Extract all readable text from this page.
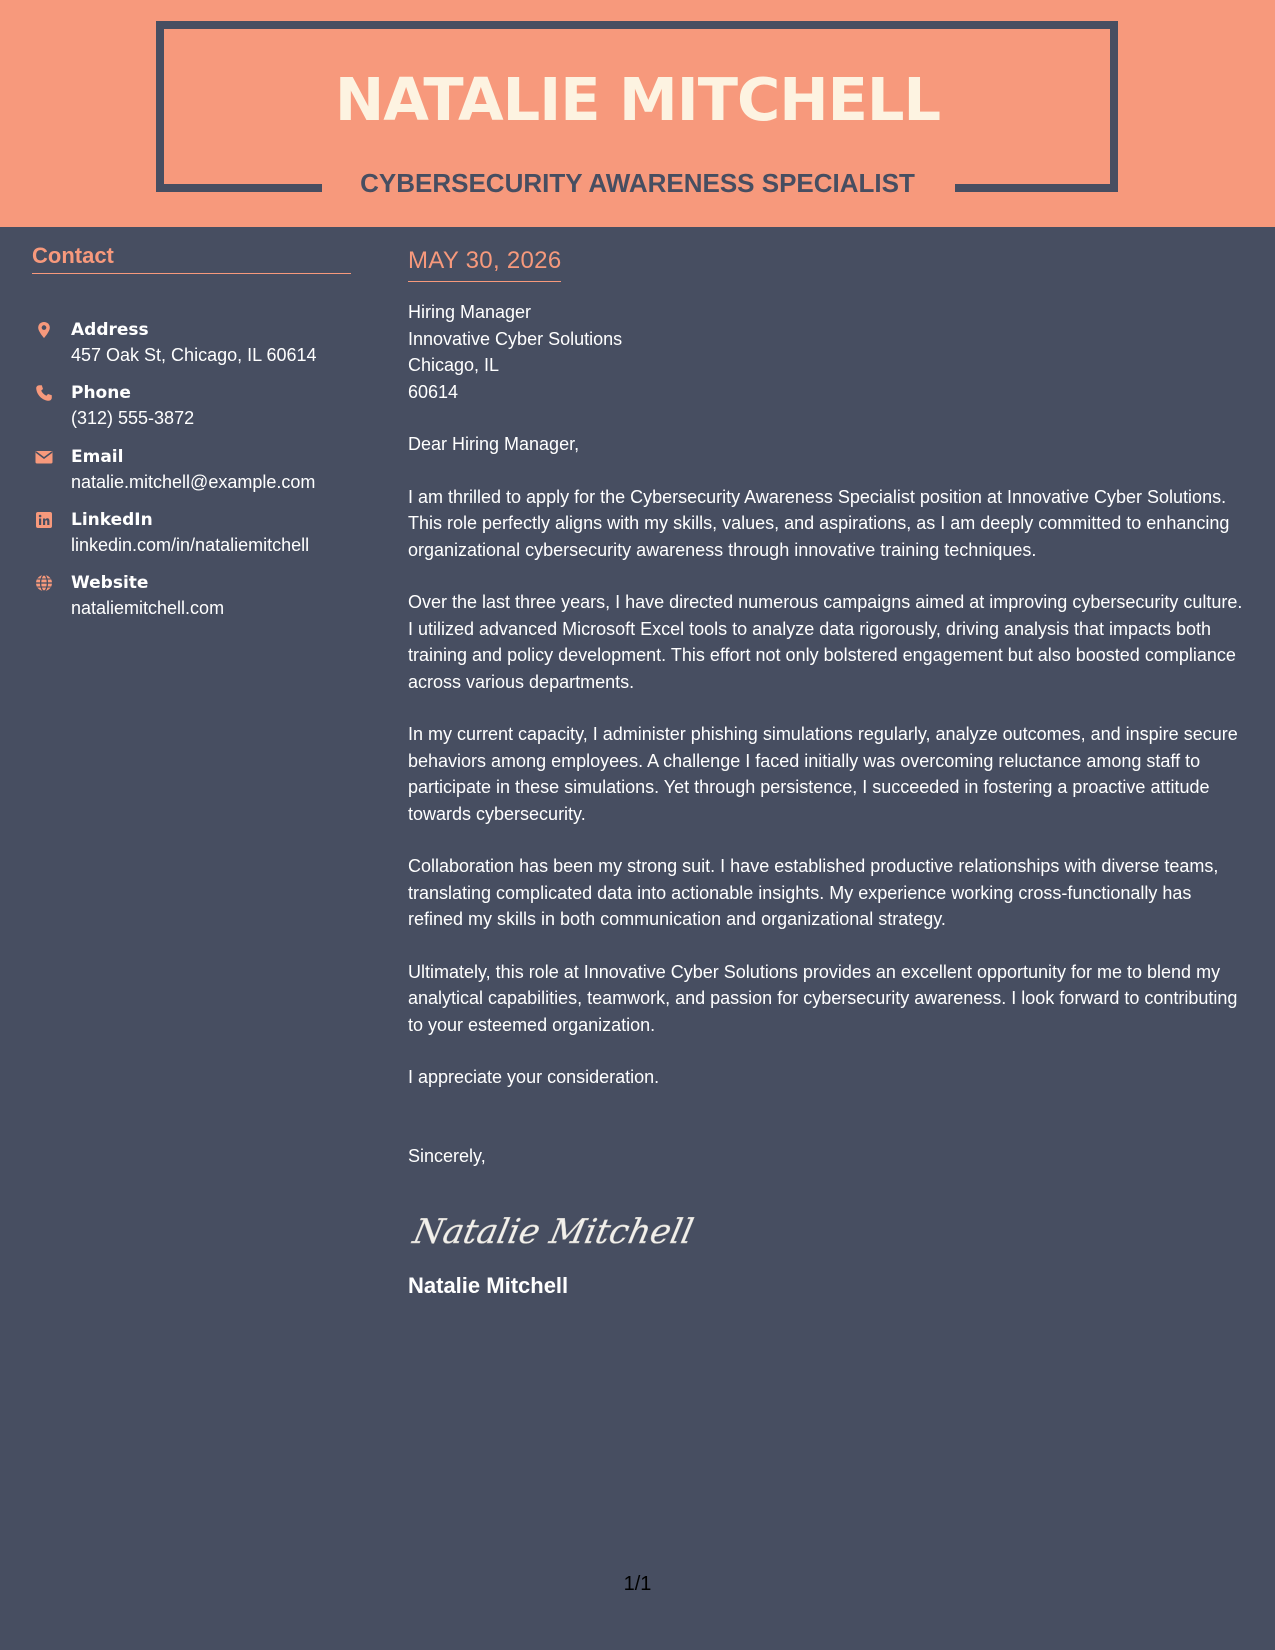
NATALIE MITCHELL
CYBERSECURITY AWARENESS SPECIALIST
Contact
Address
457 Oak St, Chicago, IL 60614
Phone
(312) 555-3872
Email
natalie.mitchell@example.com
LinkedIn
linkedin.com/in/nataliemitchell
Website
nataliemitchell.com
MAY 30, 2026
Hiring Manager
Innovative Cyber Solutions
Chicago, IL
60614
Dear Hiring Manager,

I am thrilled to apply for the Cybersecurity Awareness Specialist position at Innovative Cyber Solutions. This role perfectly aligns with my skills, values, and aspirations, as I am deeply committed to enhancing organizational cybersecurity awareness through innovative training techniques.

Over the last three years, I have directed numerous campaigns aimed at improving cybersecurity culture. I utilized advanced Microsoft Excel tools to analyze data rigorously, driving analysis that impacts both training and policy development. This effort not only bolstered engagement but also boosted compliance across various departments.

In my current capacity, I administer phishing simulations regularly, analyze outcomes, and inspire secure behaviors among employees. A challenge I faced initially was overcoming reluctance among staff to participate in these simulations. Yet through persistence, I succeeded in fostering a proactive attitude towards cybersecurity.

Collaboration has been my strong suit. I have established productive relationships with diverse teams, translating complicated data into actionable insights. My experience working cross-functionally has refined my skills in both communication and organizational strategy.

Ultimately, this role at Innovative Cyber Solutions provides an excellent opportunity for me to blend my analytical capabilities, teamwork, and passion for cybersecurity awareness. I look forward to contributing to your esteemed organization.

I appreciate your consideration.

Sincerely,
Natalie Mitchell
Natalie Mitchell
1/1
